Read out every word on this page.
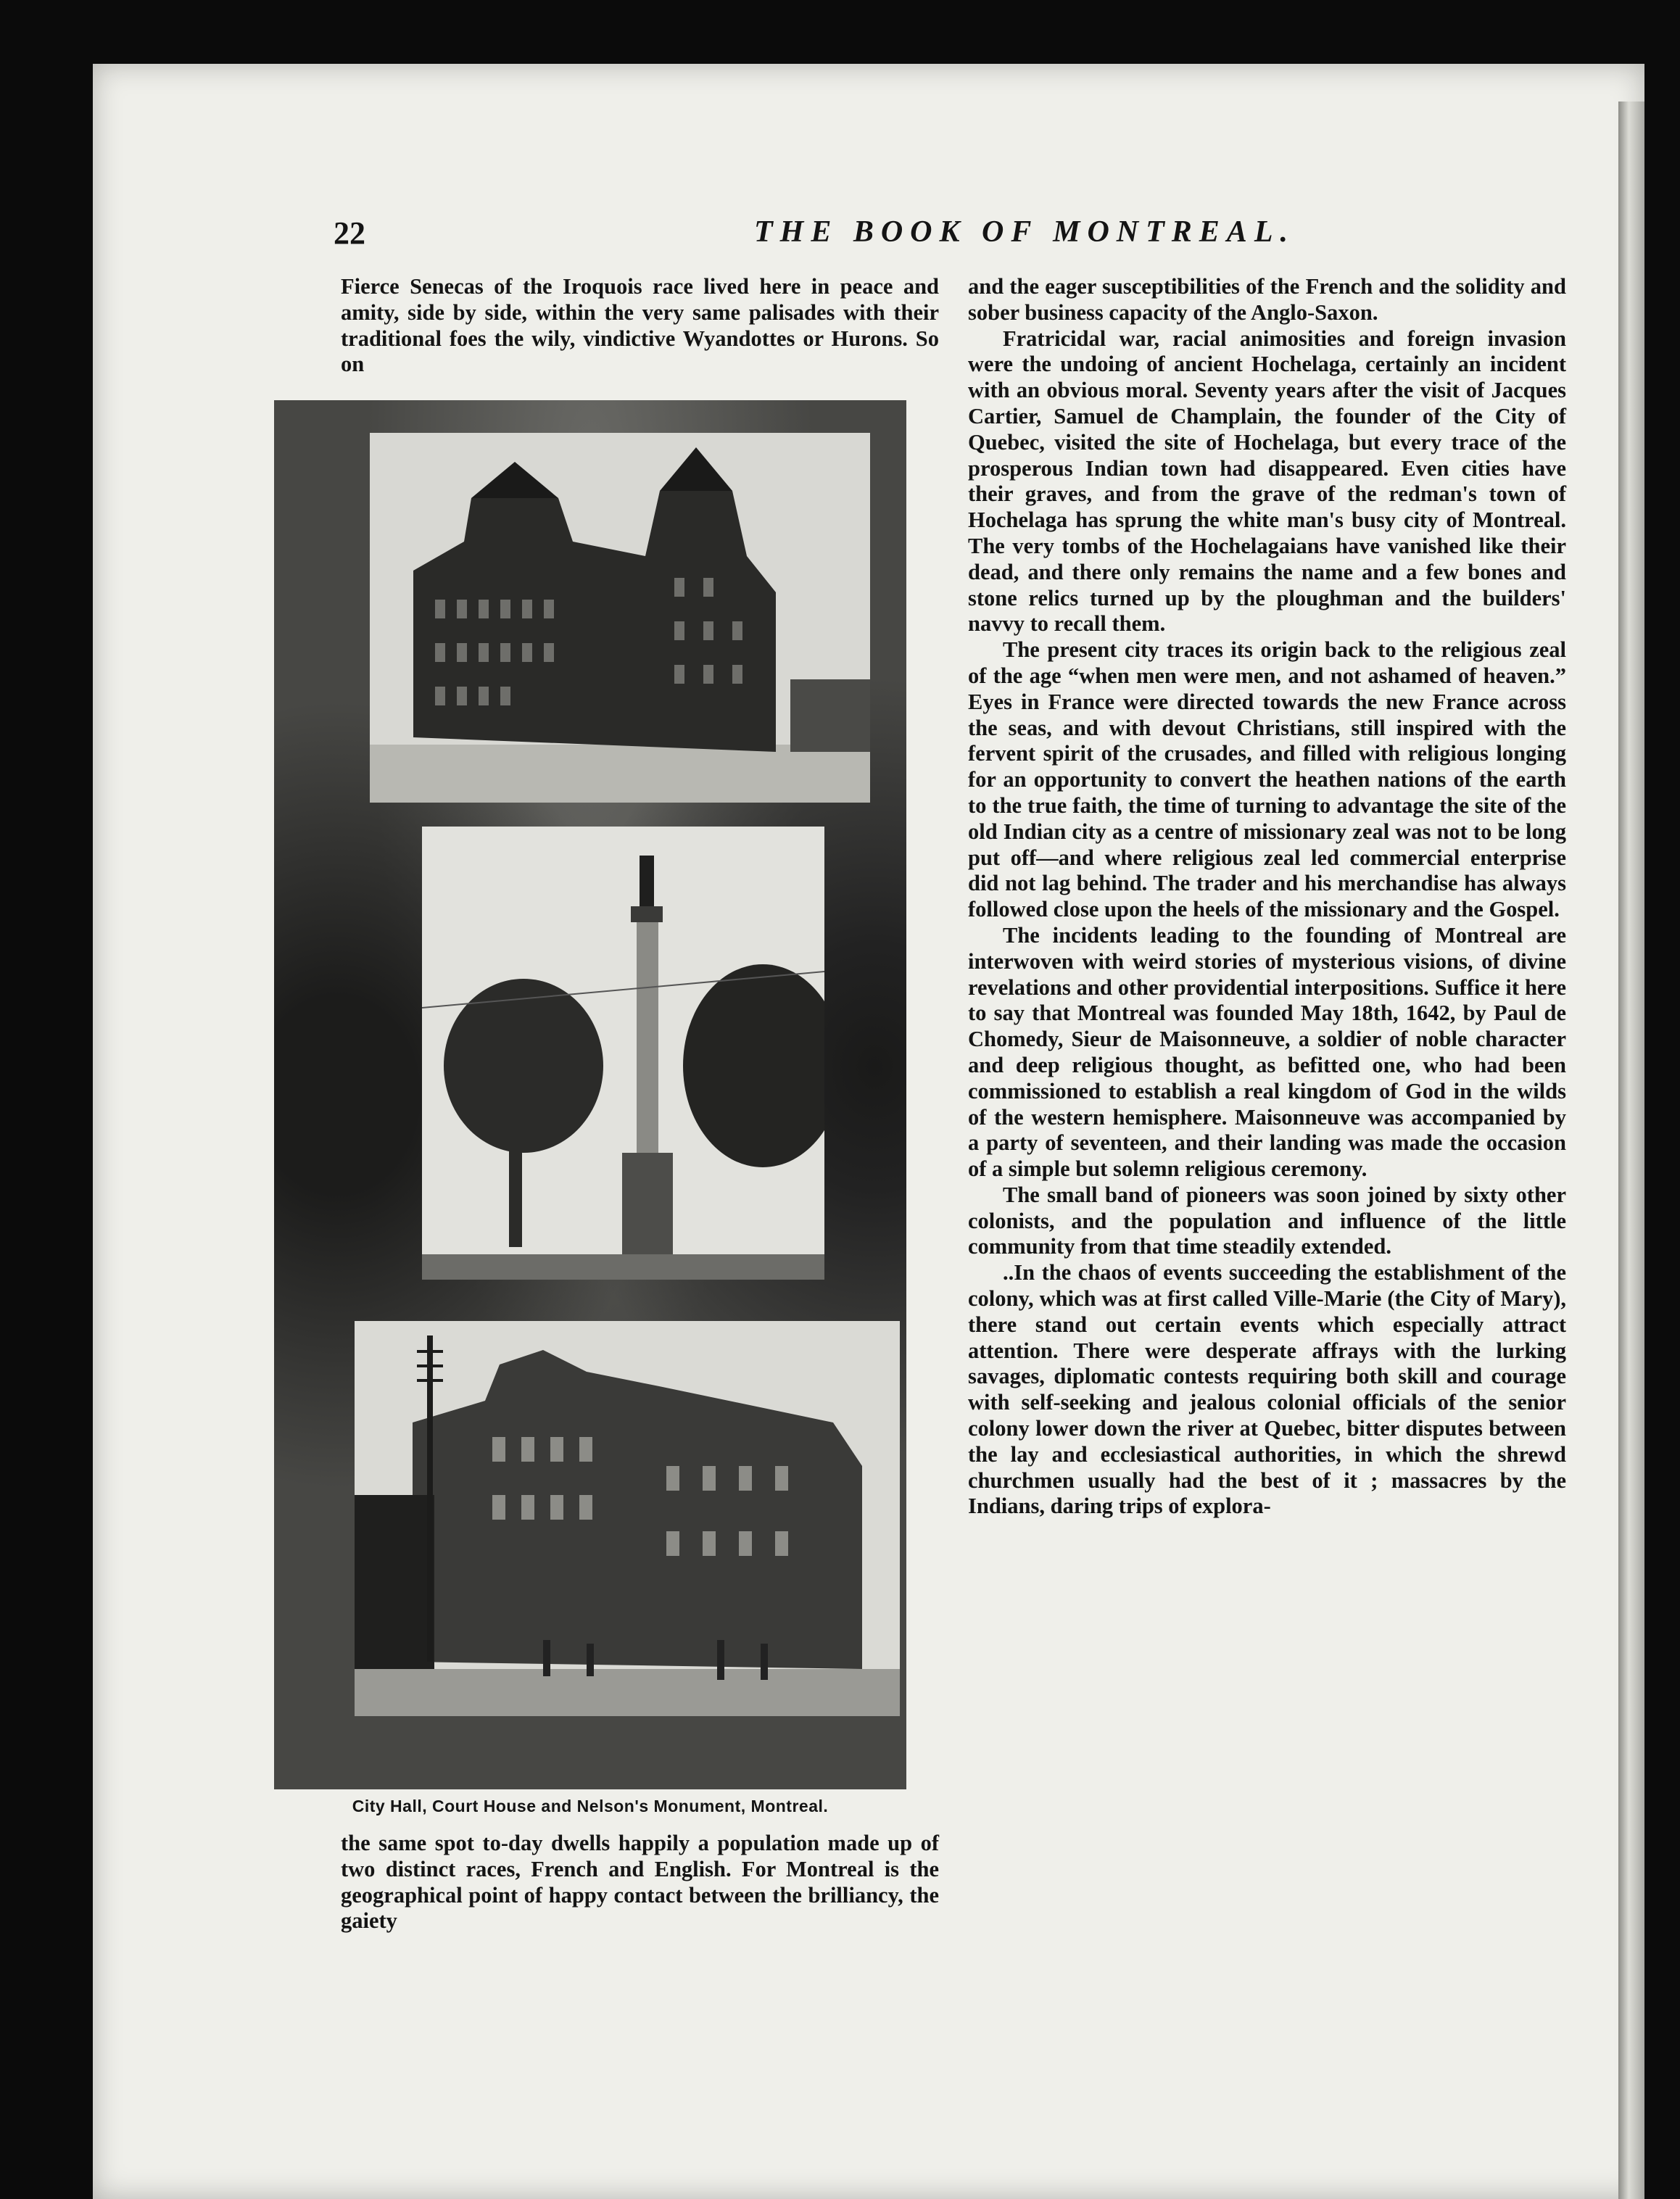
22	THE BOOK OF MONTREAL.

Fierce Senecas of the Iroquois race lived here in peace and amity, side by side, within the very same palisades with their traditional foes the wily, vindictive Wyandottes or Hurons. So on

City Hall, Court House and Nelson's Monument, Montreal.

the same spot to-day dwells happily a population made up of two distinct races, French and English. For Montreal is the geographical point of happy contact between the brilliancy, the gaiety

and the eager susceptibilities of the French and the solidity and sober business capacity of the Anglo-Saxon.

Fratricidal war, racial animosities and foreign invasion were the undoing of ancient Hochelaga, certainly an incident with an obvious moral. Seventy years after the visit of Jacques Cartier, Samuel de Champlain, the founder of the City of Quebec, visited the site of Hochelaga, but every trace of the prosperous Indian town had disappeared. Even cities have their graves, and from the grave of the redman's town of Hochelaga has sprung the white man's busy city of Montreal. The very tombs of the Hochelagaians have vanished like their dead, and there only remains the name and a few bones and stone relics turned up by the ploughman and the builders' navvy to recall them.

The present city traces its origin back to the religious zeal of the age “when men were men, and not ashamed of heaven.” Eyes in France were directed towards the new France across the seas, and with devout Christians, still inspired with the fervent spirit of the crusades, and filled with religious longing for an opportunity to convert the heathen nations of the earth to the true faith, the time of turning to advantage the site of the old Indian city as a centre of missionary zeal was not to be long put off—and where religious zeal led commercial enterprise did not lag behind. The trader and his merchandise has always followed close upon the heels of the missionary and the Gospel.

The incidents leading to the founding of Montreal are interwoven with weird stories of mysterious visions, of divine revelations and other providential interpositions. Suffice it here to say that Montreal was founded May 18th, 1642, by Paul de Chomedy, Sieur de Maisonneuve, a soldier of noble character and deep religious thought, as befitted one, who had been commissioned to establish a real kingdom of God in the wilds of the western hemisphere. Maisonneuve was accompanied by a party of seventeen, and their landing was made the occasion of a simple but solemn religious ceremony.

The small band of pioneers was soon joined by sixty other colonists, and the population and influence of the little community from that time steadily extended.

..In the chaos of events succeeding the establishment of the colony, which was at first called Ville-Marie (the City of Mary), there stand out certain events which especially attract attention. There were desperate affrays with the lurking savages, diplomatic contests requiring both skill and courage with self-seeking and jealous colonial officials of the senior colony lower down the river at Quebec, bitter disputes between the lay and ecclesiastical authorities, in which the shrewd churchmen usually had the best of it ; massacres by the Indians, daring trips of explora-
